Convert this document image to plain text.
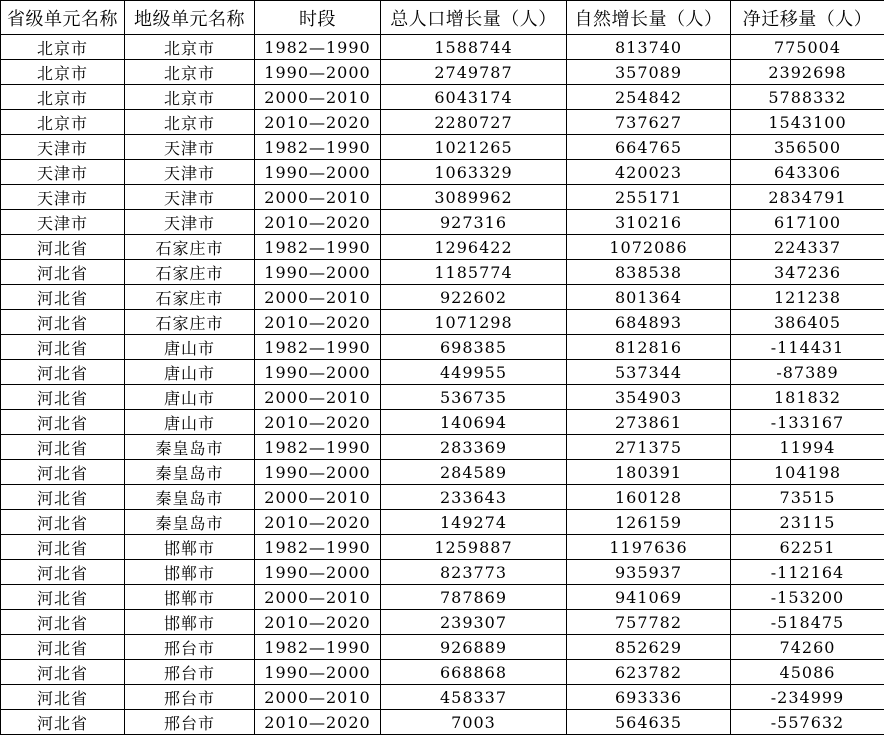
省级单元名称	地级单元名称	时段	总人口增长量（人）	自然增长量（人）	净迁移量（人）
北京市	北京市	1982—1990	1588744	813740	775004
北京市	北京市	1990—2000	2749787	357089	2392698
北京市	北京市	2000—2010	6043174	254842	5788332
北京市	北京市	2010—2020	2280727	737627	1543100
天津市	天津市	1982—1990	1021265	664765	356500
天津市	天津市	1990—2000	1063329	420023	643306
天津市	天津市	2000—2010	3089962	255171	2834791
天津市	天津市	2010—2020	927316	310216	617100
河北省	石家庄市	1982—1990	1296422	1072086	224337
河北省	石家庄市	1990—2000	1185774	838538	347236
河北省	石家庄市	2000—2010	922602	801364	121238
河北省	石家庄市	2010—2020	1071298	684893	386405
河北省	唐山市	1982—1990	698385	812816	-114431
河北省	唐山市	1990—2000	449955	537344	-87389
河北省	唐山市	2000—2010	536735	354903	181832
河北省	唐山市	2010—2020	140694	273861	-133167
河北省	秦皇岛市	1982—1990	283369	271375	11994
河北省	秦皇岛市	1990—2000	284589	180391	104198
河北省	秦皇岛市	2000—2010	233643	160128	73515
河北省	秦皇岛市	2010—2020	149274	126159	23115
河北省	邯郸市	1982—1990	1259887	1197636	62251
河北省	邯郸市	1990—2000	823773	935937	-112164
河北省	邯郸市	2000—2010	787869	941069	-153200
河北省	邯郸市	2010—2020	239307	757782	-518475
河北省	邢台市	1982—1990	926889	852629	74260
河北省	邢台市	1990—2000	668868	623782	45086
河北省	邢台市	2000—2010	458337	693336	-234999
河北省	邢台市	2010—2020	7003	564635	-557632
